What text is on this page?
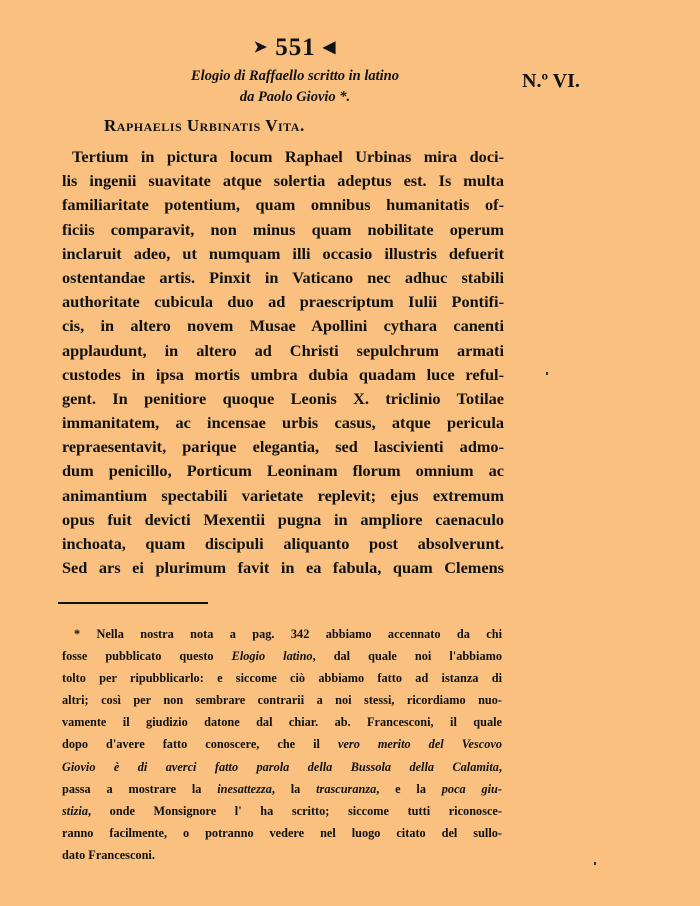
➤ 551 ◀
Elogio di Raffaello scritto in latino
da Paolo Giovio *.
N.º VI.
Raphaelis Urbinatis Vita.
Tertium in pictura locum Raphael Urbinas mira doci-
lis ingenii suavitate atque solertia adeptus est. Is multa
familiaritate potentium, quam omnibus humanitatis of-
ficiis comparavit, non minus quam nobilitate operum
inclaruit adeo, ut numquam illi occasio illustris defuerit
ostentandae artis. Pinxit in Vaticano nec adhuc stabili
authoritate cubicula duo ad praescriptum Iulii Pontifi-
cis, in altero novem Musae Apollini cythara canenti
applaudunt, in altero ad Christi sepulchrum armati
custodes in ipsa mortis umbra dubia quadam luce reful-
gent. In penitiore quoque Leonis X. triclinio Totilae
immanitatem, ac incensae urbis casus, atque pericula
repraesentavit, parique elegantia, sed lascivienti admo-
dum penicillo, Porticum Leoninam florum omnium ac
animantium spectabili varietate replevit; ejus extremum
opus fuit devicti Mexentii pugna in ampliore caenaculo
inchoata, quam discipuli aliquanto post absolverunt.
Sed ars ei plurimum favit in ea fabula, quam Clemens
* Nella nostra nota a pag. 342 abbiamo accennato da chi
fosse pubblicato questo Elogio latino, dal quale noi l'abbiamo
tolto per ripubblicarlo: e siccome ciò abbiamo fatto ad istanza di
altri; così per non sembrare contrarii a noi stessi, ricordiamo nuo-
vamente il giudizio datone dal chiar. ab. Francesconi, il quale
dopo d'avere fatto conoscere, che il vero merito del Vescovo
Giovio è di averci fatto parola della Bussola della Calamita,
passa a mostrare la inesattezza, la trascuranza, e la poca giu-
stizia, onde Monsignore l' ha scritto; siccome tutti riconosce-
ranno facilmente, o potranno vedere nel luogo citato del sullo-
dato Francesconi.
